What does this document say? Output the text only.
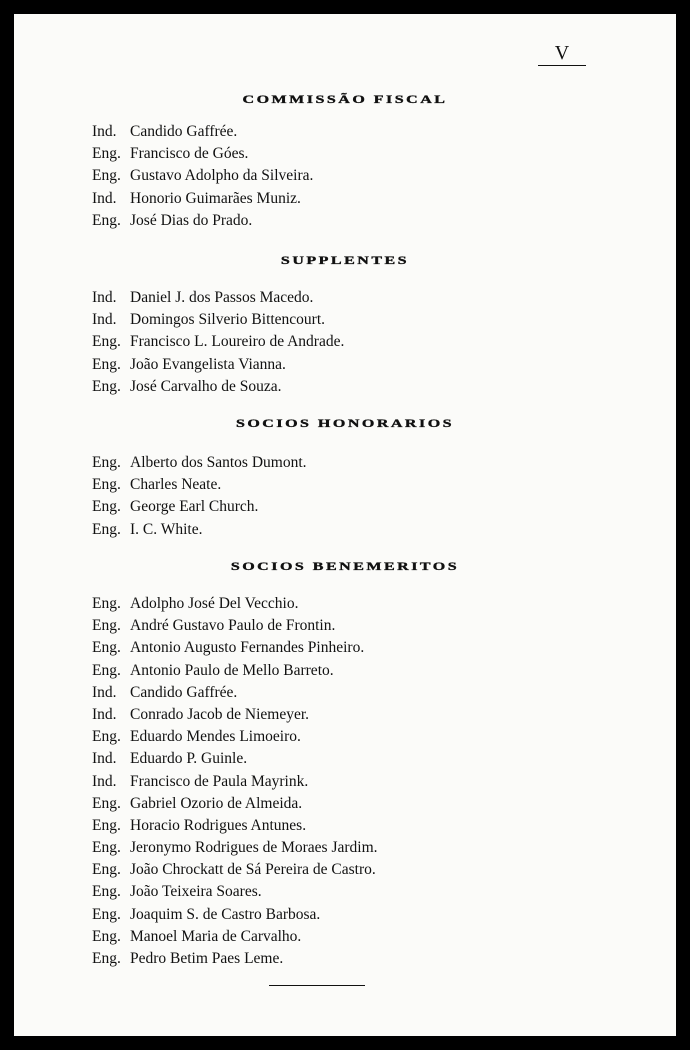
V
COMMISSÃO FISCAL
Ind. Candido Gaffrée.
Eng. Francisco de Góes.
Eng. Gustavo Adolpho da Silveira.
Ind. Honorio Guimarães Muniz.
Eng. José Dias do Prado.
SUPPLENTES
Ind. Daniel J. dos Passos Macedo.
Ind. Domingos Silverio Bittencourt.
Eng. Francisco L. Loureiro de Andrade.
Eng. João Evangelista Vianna.
Eng. José Carvalho de Souza.
SOCIOS HONORARIOS
Eng. Alberto dos Santos Dumont.
Eng. Charles Neate.
Eng. George Earl Church.
Eng. I. C. White.
SOCIOS BENEMERITOS
Eng. Adolpho José Del Vecchio.
Eng. André Gustavo Paulo de Frontin.
Eng. Antonio Augusto Fernandes Pinheiro.
Eng. Antonio Paulo de Mello Barreto.
Ind. Candido Gaffrée.
Ind. Conrado Jacob de Niemeyer.
Eng. Eduardo Mendes Limoeiro.
Ind. Eduardo P. Guinle.
Ind. Francisco de Paula Mayrink.
Eng. Gabriel Ozorio de Almeida.
Eng. Horacio Rodrigues Antunes.
Eng. Jeronymo Rodrigues de Moraes Jardim.
Eng. João Chrockatt de Sá Pereira de Castro.
Eng. João Teixeira Soares.
Eng. Joaquim S. de Castro Barbosa.
Eng. Manoel Maria de Carvalho.
Eng. Pedro Betim Paes Leme.
